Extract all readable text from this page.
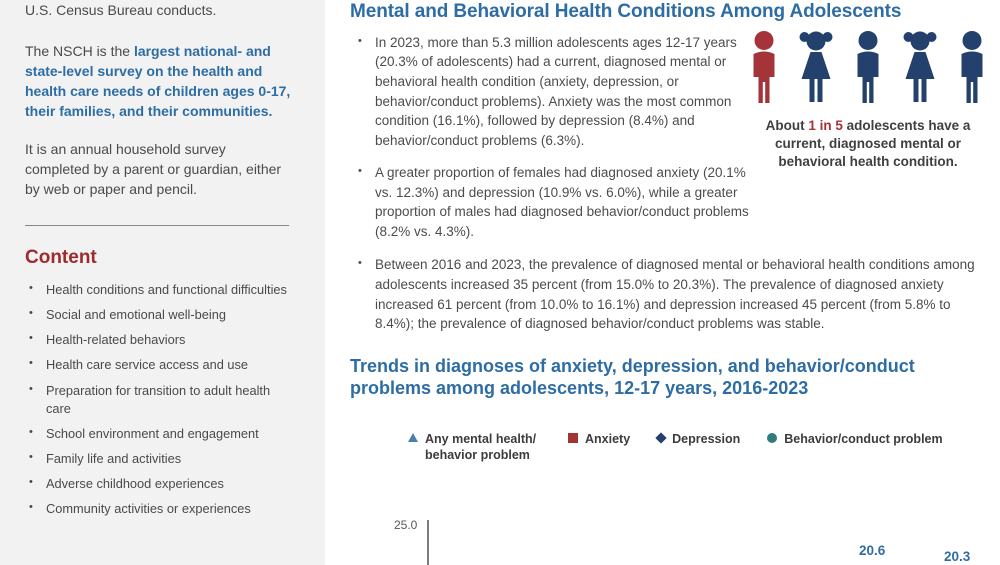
U.S. Census Bureau conducts.

The NSCH is the largest national- and state-level survey on the health and health care needs of children ages 0-17, their families, and their communities.

It is an annual household survey completed by a parent or guardian, either by web or paper and pencil.

Content
• Health conditions and functional difficulties
• Social and emotional well-being
• Health-related behaviors
• Health care service access and use
• Preparation for transition to adult health care
• School environment and engagement
• Family life and activities
• Adverse childhood experiences
• Community activities or experiences
Mental and Behavioral Health Conditions Among Adolescents
• In 2023, more than 5.3 million adolescents ages 12-17 years (20.3% of adolescents) had a current, diagnosed mental or behavioral health condition (anxiety, depression, or behavior/conduct problems). Anxiety was the most common condition (16.1%), followed by depression (8.4%) and behavior/conduct problems (6.3%).
• A greater proportion of females had diagnosed anxiety (20.1% vs. 12.3%) and depression (10.9% vs. 6.0%), while a greater proportion of males had diagnosed behavior/conduct problems (8.2% vs. 4.3%).
• Between 2016 and 2023, the prevalence of diagnosed mental or behavioral health conditions among adolescents increased 35 percent (from 15.0% to 20.3%). The prevalence of diagnosed anxiety increased 61 percent (from 10.0% to 16.1%) and depression increased 45 percent (from 5.8% to 8.4%); the prevalence of diagnosed behavior/conduct problems was stable.

About 1 in 5 adolescents have a current, diagnosed mental or behavioral health condition.

Trends in diagnoses of anxiety, depression, and behavior/conduct problems among adolescents, 12-17 years, 2016-2023
Any mental health/ behavior problem
Anxiety	Depression	Behavior/conduct problem
25.0
20.6	20.3
